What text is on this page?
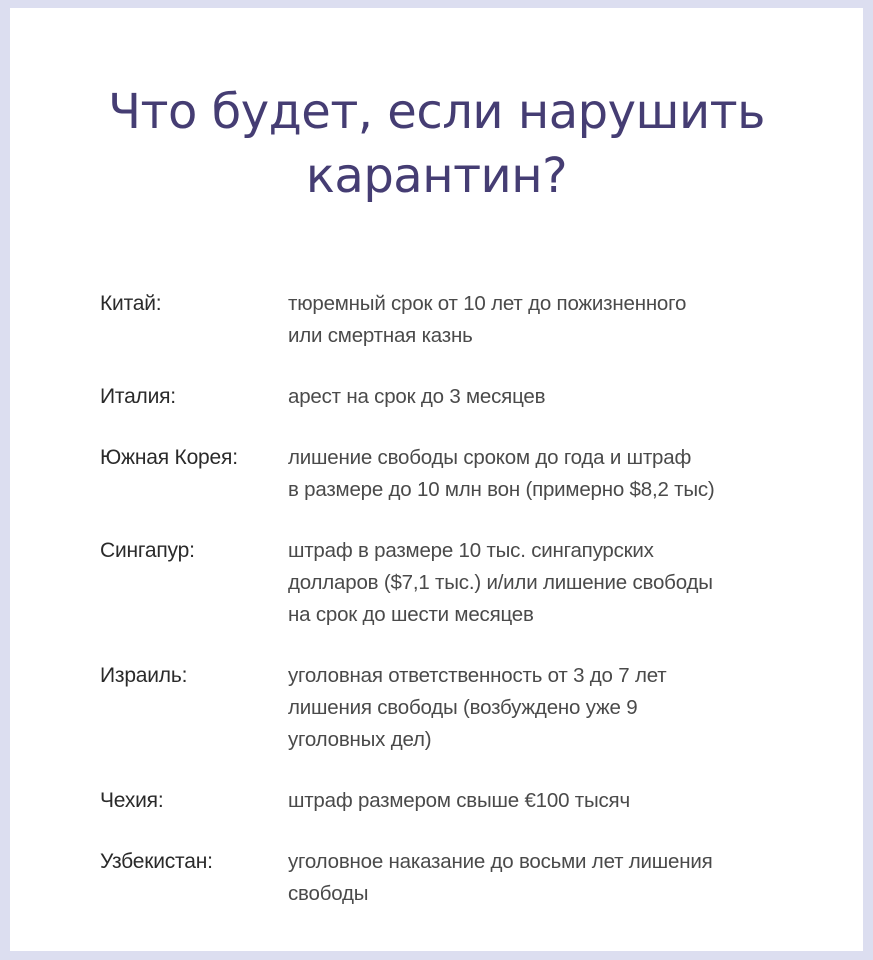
Что будет, если нарушить
карантин?
Китай:	тюремный срок от 10 лет до пожизненного
или смертная казнь
Италия:	арест на срок до 3 месяцев
Южная Корея:	лишение свободы сроком до года и штраф
в размере до 10 млн вон (примерно $8,2 тыс)
Сингапур:	штраф в размере 10 тыс. сингапурских
долларов ($7,1 тыс.) и/или лишение свободы
на срок до шести месяцев
Израиль:	уголовная ответственность от 3 до 7 лет
лишения свободы (возбуждено уже 9
уголовных дел)
Чехия:	штраф размером свыше €100 тысяч
Узбекистан:	уголовное наказание до восьми лет лишения
свободы
